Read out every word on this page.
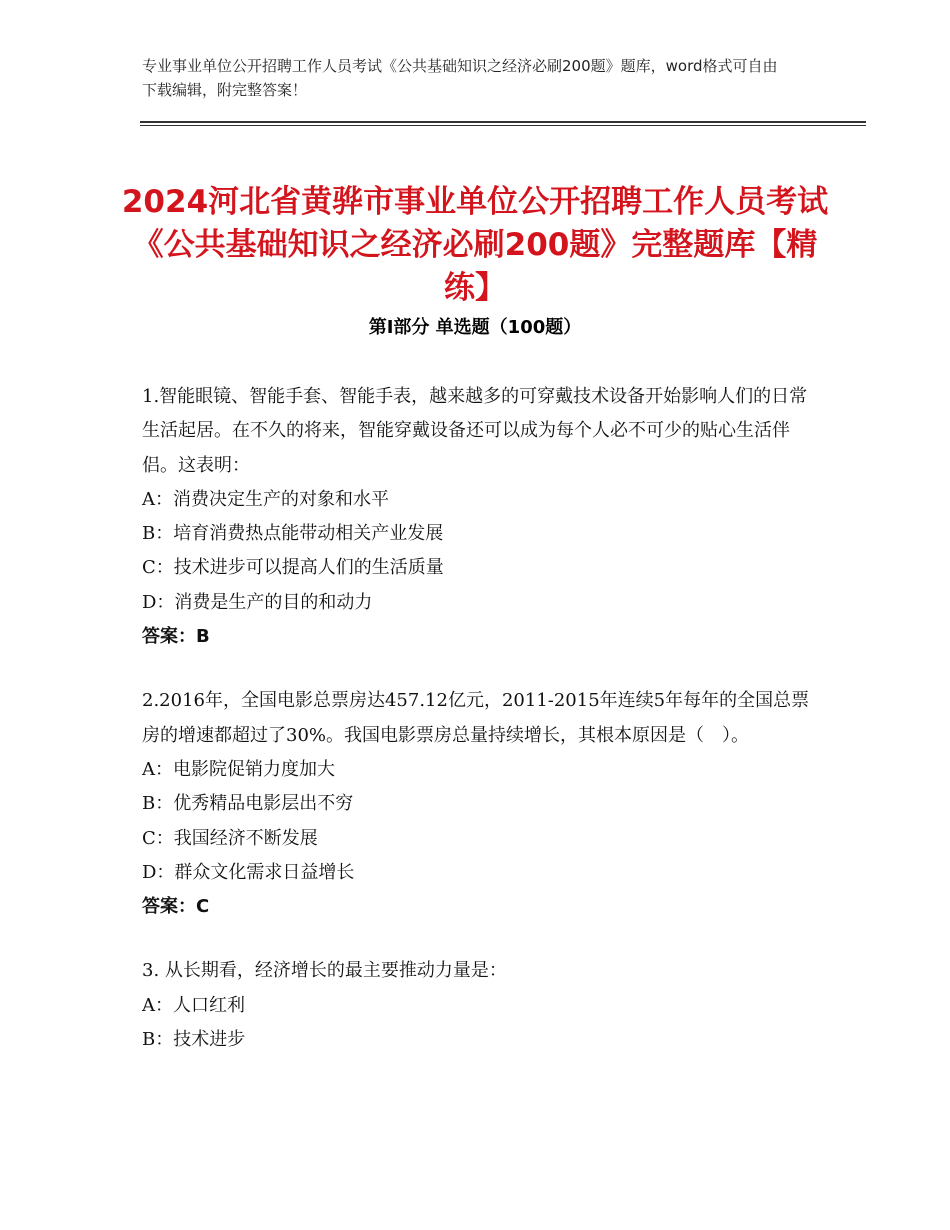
专业事业单位公开招聘工作人员考试《公共基础知识之经济必刷200题》题库，word格式可自由下载编辑，附完整答案！
2024河北省黄骅市事业单位公开招聘工作人员考试《公共基础知识之经济必刷200题》完整题库【精练】
第Ⅰ部分 单选题（100题）

1.智能眼镜、智能手套、智能手表，越来越多的可穿戴技术设备开始影响人们的日常生活起居。在不久的将来，智能穿戴设备还可以成为每个人必不可少的贴心生活伴侣。这表明：

A：消费决定生产的对象和水平

B：培育消费热点能带动相关产业发展

C：技术进步可以提高人们的生活质量

D：消费是生产的目的和动力

答案：B

2.2016年，全国电影总票房达457.12亿元，2011-2015年连续5年每年的全国总票房的增速都超过了30%。我国电影票房总量持续增长，其根本原因是（　）。

A：电影院促销力度加大

B：优秀精品电影层出不穷

C：我国经济不断发展

D：群众文化需求日益增长

答案：C

3. 从长期看，经济增长的最主要推动力量是：

A：人口红利

B：技术进步
